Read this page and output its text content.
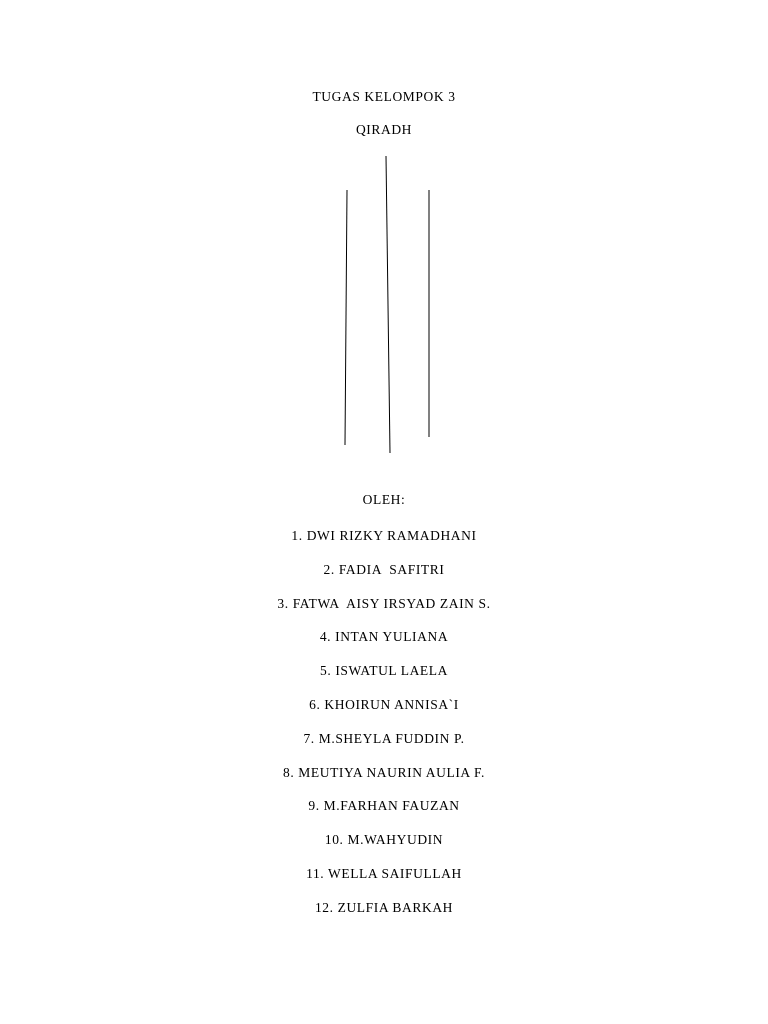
TUGAS KELOMPOK 3
QIRADH
OLEH:
1. DWI RIZKY RAMADHANI
2. FADIA  SAFITRI
3. FATWA  AISY IRSYAD ZAIN S.
4. INTAN YULIANA
5. ISWATUL LAELA
6. KHOIRUN ANNISA`I
7. M.SHEYLA FUDDIN P.
8. MEUTIYA NAURIN AULIA F.
9. M.FARHAN FAUZAN
10. M.WAHYUDIN
11. WELLA SAIFULLAH
12. ZULFIA BARKAH
